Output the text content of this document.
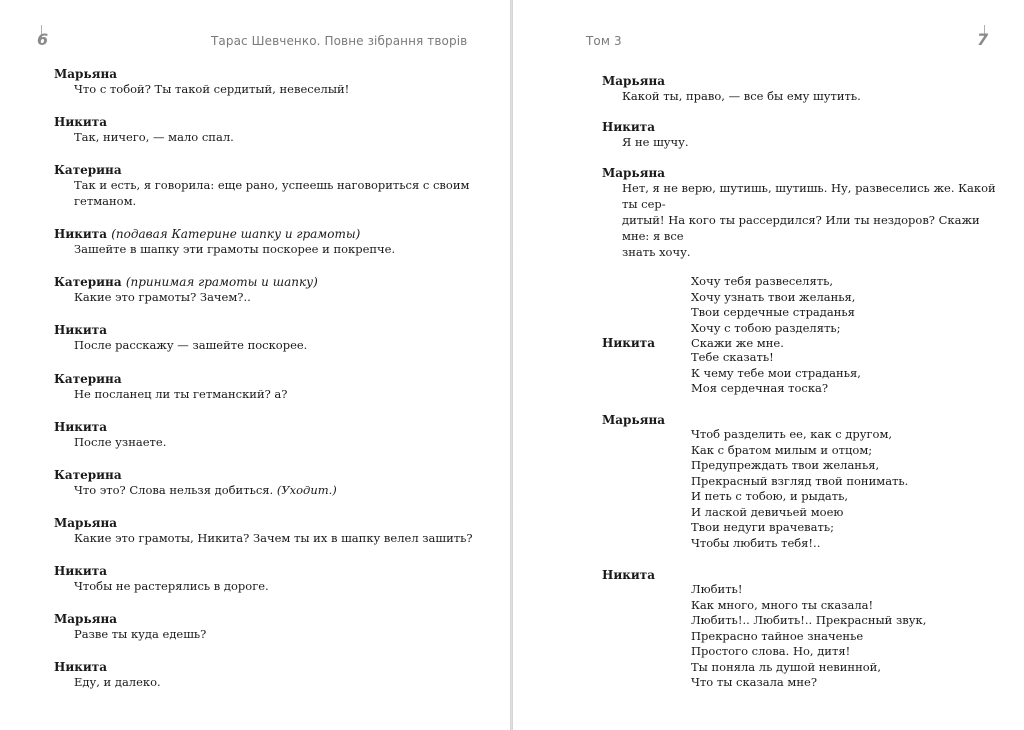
6	Тарас Шевченко. Повне зібрання творів

Марьяна

Что с тобой? Ты такой сердитый, невеселый!

Никита

Так, ничего, — мало спал.

Катерина

Так и есть, я говорила: еще рано, успеешь наговориться с своим

гетманом.

Никита (подавая Катерине шапку и грамоты)

Зашейте в шапку эти грамоты поскорее и покрепче.

Катерина (принимая грамоты и шапку)

Какие это грамоты? Зачем?..

Никита

После расскажу — зашейте поскорее.

Катерина

Не посланец ли ты гетманский? а?

Никита

После узнаете.

Катерина

Что это? Слова нельзя добиться. (Уходит.)

Марьяна

Какие это грамоты, Никита? Зачем ты их в шапку велел зашить?

Никита

Чтобы не растерялись в дороге.

Марьяна

Разве ты куда едешь?

Никита

Еду, и далеко.

Том 3	7

Марьяна

Какой ты, право, — все бы ему шутить.

Никита

Я не шучу.

Марьяна

Нет, я не верю, шутишь, шутишь. Ну, развеселись же. Какой ты сер-

дитый! На кого ты рассердился? Или ты нездоров? Скажи мне: я все

знать хочу.

Хочу тебя развеселять,

Хочу узнать твои желанья,

Твои сердечные страданья

Хочу с тобою разделять;

Скажи же мне.

Никита

Тебе сказать!

К чему тебе мои страданья,

Моя сердечная тоска?

Марьяна

Чтоб разделить ее, как с другом,

Как с братом милым и отцом;

Предупреждать твои желанья,

Прекрасный взгляд твой понимать.

И петь с тобою, и рыдать,

И лаской девичьей моею

Твои недуги врачевать;

Чтобы любить тебя!..

Никита

Любить!

Как много, много ты сказала!

Любить!.. Любить!.. Прекрасный звук,

Прекрасно тайное значенье

Простого слова. Но, дитя!

Ты поняла ль душой невинной,

Что ты сказала мне?
